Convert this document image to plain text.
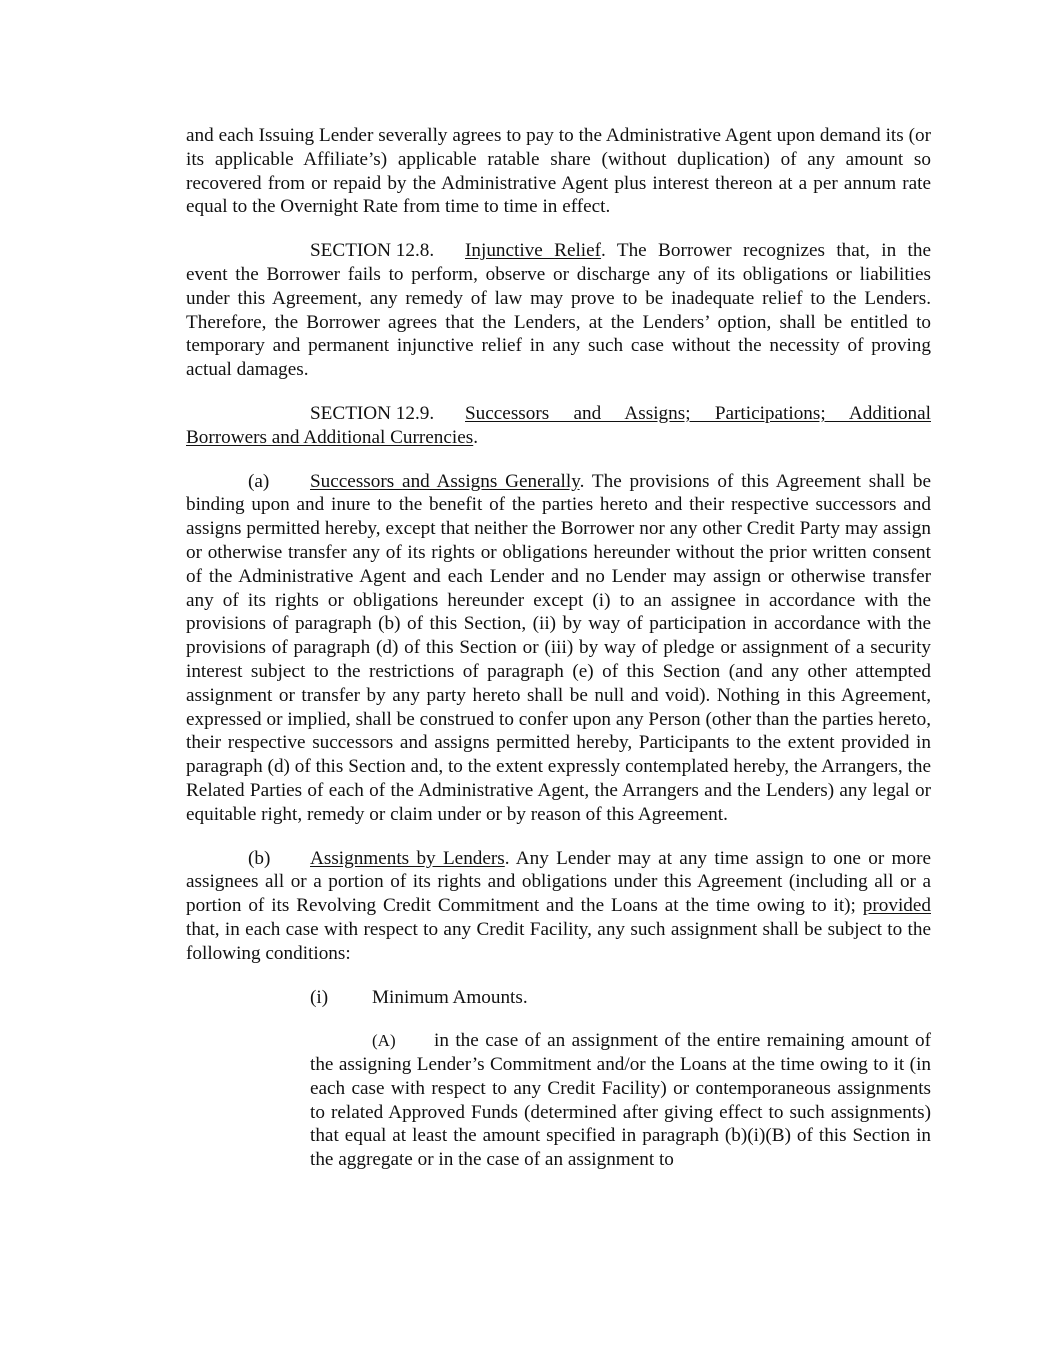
and each Issuing Lender severally agrees to pay to the Administrative Agent upon demand its (or its applicable Affiliate’s) applicable ratable share (without duplication) of any amount so recovered from or repaid by the Administrative Agent plus interest thereon at a per annum rate equal to the Overnight Rate from time to time in effect.

SECTION 12.8. Injunctive Relief. The Borrower recognizes that, in the event the Borrower fails to perform, observe or discharge any of its obligations or liabilities under this Agreement, any remedy of law may prove to be inadequate relief to the Lenders. Therefore, the Borrower agrees that the Lenders, at the Lenders’ option, shall be entitled to temporary and permanent injunctive relief in any such case without the necessity of proving actual damages.

SECTION 12.9. Successors and Assigns; Participations; Additional Borrowers and Additional Currencies.

(a) Successors and Assigns Generally. The provisions of this Agreement shall be binding upon and inure to the benefit of the parties hereto and their respective successors and assigns permitted hereby, except that neither the Borrower nor any other Credit Party may assign or otherwise transfer any of its rights or obligations hereunder without the prior written consent of the Administrative Agent and each Lender and no Lender may assign or otherwise transfer any of its rights or obligations hereunder except (i) to an assignee in accordance with the provisions of paragraph (b) of this Section, (ii) by way of participation in accordance with the provisions of paragraph (d) of this Section or (iii) by way of pledge or assignment of a security interest subject to the restrictions of paragraph (e) of this Section (and any other attempted assignment or transfer by any party hereto shall be null and void). Nothing in this Agreement, expressed or implied, shall be construed to confer upon any Person (other than the parties hereto, their respective successors and assigns permitted hereby, Participants to the extent provided in paragraph (d) of this Section and, to the extent expressly contemplated hereby, the Arrangers, the Related Parties of each of the Administrative Agent, the Arrangers and the Lenders) any legal or equitable right, remedy or claim under or by reason of this Agreement.

(b) Assignments by Lenders. Any Lender may at any time assign to one or more assignees all or a portion of its rights and obligations under this Agreement (including all or a portion of its Revolving Credit Commitment and the Loans at the time owing to it); provided that, in each case with respect to any Credit Facility, any such assignment shall be subject to the following conditions:

(i) Minimum Amounts.

(A) in the case of an assignment of the entire remaining amount of the assigning Lender’s Commitment and/or the Loans at the time owing to it (in each case with respect to any Credit Facility) or contemporaneous assignments to related Approved Funds (determined after giving effect to such assignments) that equal at least the amount specified in paragraph (b)(i)(B) of this Section in the aggregate or in the case of an assignment to
